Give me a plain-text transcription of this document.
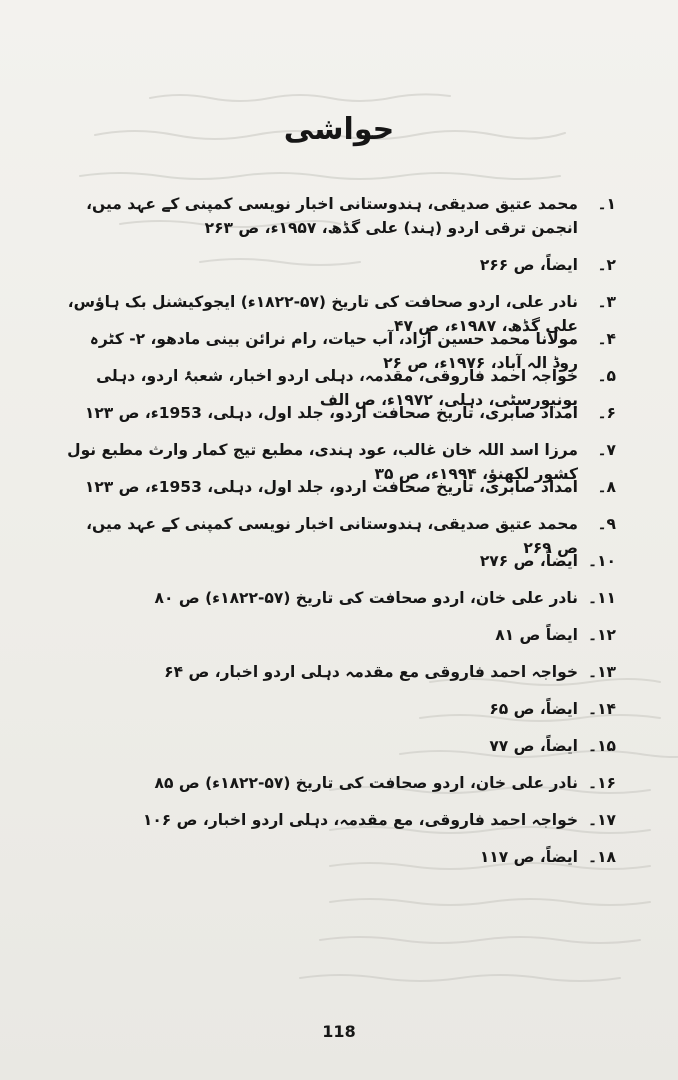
حواشی
۱۔
محمد عتیق صدیقی، ہندوستانی اخبار نویسی کمپنی کے عہد میں، انجمن ترقی اردو (ہند) علی گڈھ، ۱۹۵۷ء، ص ۲۶۳
۲۔
ایضاً، ص ۲۶۶
۳۔
نادر علی، اردو صحافت کی تاریخ (۵۷-۱۸۲۲ء) ایجوکیشنل بک ہاؤس، علی گڈھ، ۱۹۸۷ء، ص ۴۷
۴۔
مولانا محمد حسین آزاد، آب حیات، رام نرائن بینی مادھو، ۲- کٹرہ روڈ الہ آباد، ۱۹۷۶ء، ص ۲۶
۵۔
خواجہ احمد فاروقی، مقدمہ، دہلی اردو اخبار، شعبۂ اردو، دہلی یونیورسٹی، دہلی، ۱۹۷۲ء، ص الف
۶۔
امداد صابری، تاریخ صحافت اردو، جلد اول، دہلی، 1953ء، ص ۱۲۳
۷۔
مرزا اسد اللہ خان غالب، عود ہندی، مطبع تیج کمار وارث مطبع نول کشور لکھنؤ، ۱۹۹۴ء، ص ۳۵
۸۔
امداد صابری، تاریخ صحافت اردو، جلد اول، دہلی، 1953ء، ص ۱۲۳
۹۔
محمد عتیق صدیقی، ہندوستانی اخبار نویسی کمپنی کے عہد میں، ص ۲۶۹
۱۰۔
ایضاً، ص ۲۷۶
۱۱۔
نادر علی خان، اردو صحافت کی تاریخ (۵۷-۱۸۲۲ء) ص ۸۰
۱۲۔
ایضاً ص ۸۱
۱۳۔
خواجہ احمد فاروقی مع مقدمہ دہلی اردو اخبار، ص ۶۴
۱۴۔
ایضاً، ص ۶۵
۱۵۔
ایضاً، ص ۷۷
۱۶۔
نادر علی خان، اردو صحافت کی تاریخ (۵۷-۱۸۲۲ء) ص ۸۵
۱۷۔
خواجہ احمد فاروقی، مع مقدمہ، دہلی اردو اخبار، ص ۱۰۶
۱۸۔
ایضاً، ص ۱۱۷
118
